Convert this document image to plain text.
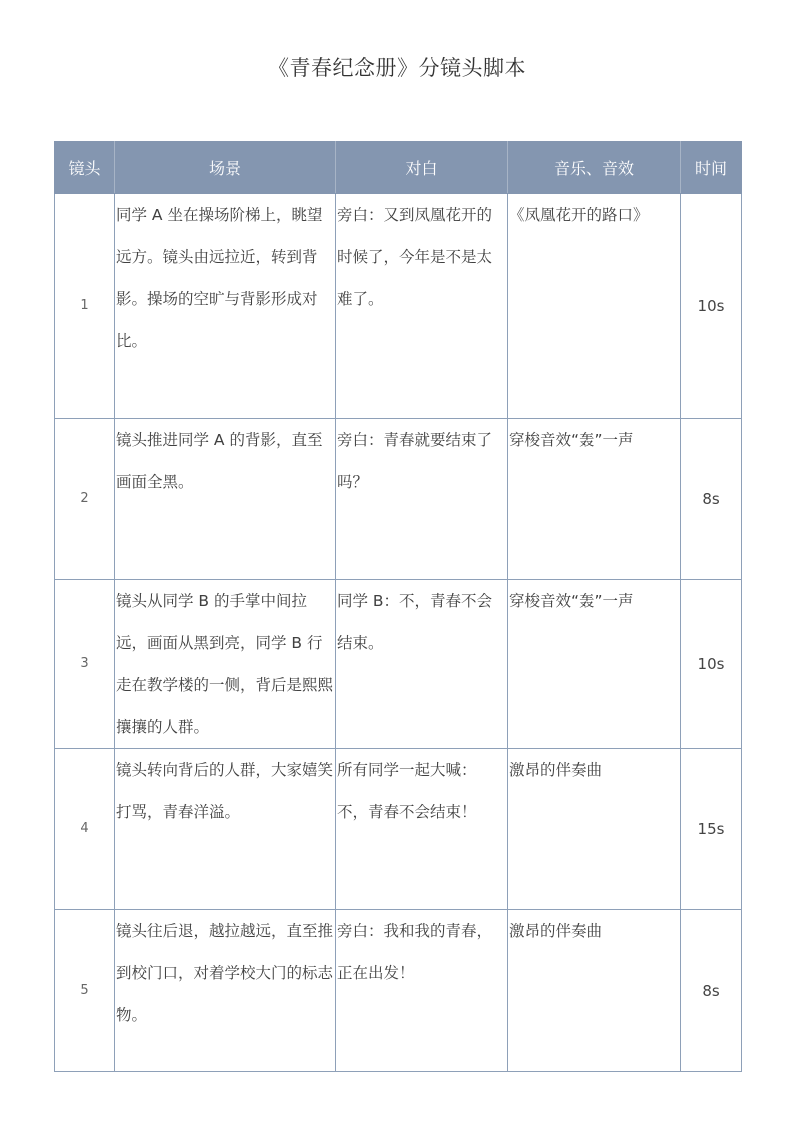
《青春纪念册》分镜头脚本
镜头	场景	对白	音乐、音效	时间
1	同学 A 坐在操场阶梯上，眺望远方。镜头由远拉近，转到背影。操场的空旷与背影形成对比。	旁白：又到凤凰花开的时候了，今年是不是太难了。	《凤凰花开的路口》	10s
2	镜头推进同学 A 的背影，直至画面全黑。	旁白：青春就要结束了吗？	穿梭音效“轰”一声	8s
3	镜头从同学 B 的手掌中间拉远，画面从黑到亮，同学 B 行走在教学楼的一侧，背后是熙熙攘攘的人群。	同学 B：不，青春不会结束。	穿梭音效“轰”一声	10s
4	镜头转向背后的人群，大家嬉笑打骂，青春洋溢。	所有同学一起大喊：不，青春不会结束！	激昂的伴奏曲	15s
5	镜头往后退，越拉越远，直至推到校门口，对着学校大门的标志物。	旁白：我和我的青春，正在出发！	激昂的伴奏曲	8s
